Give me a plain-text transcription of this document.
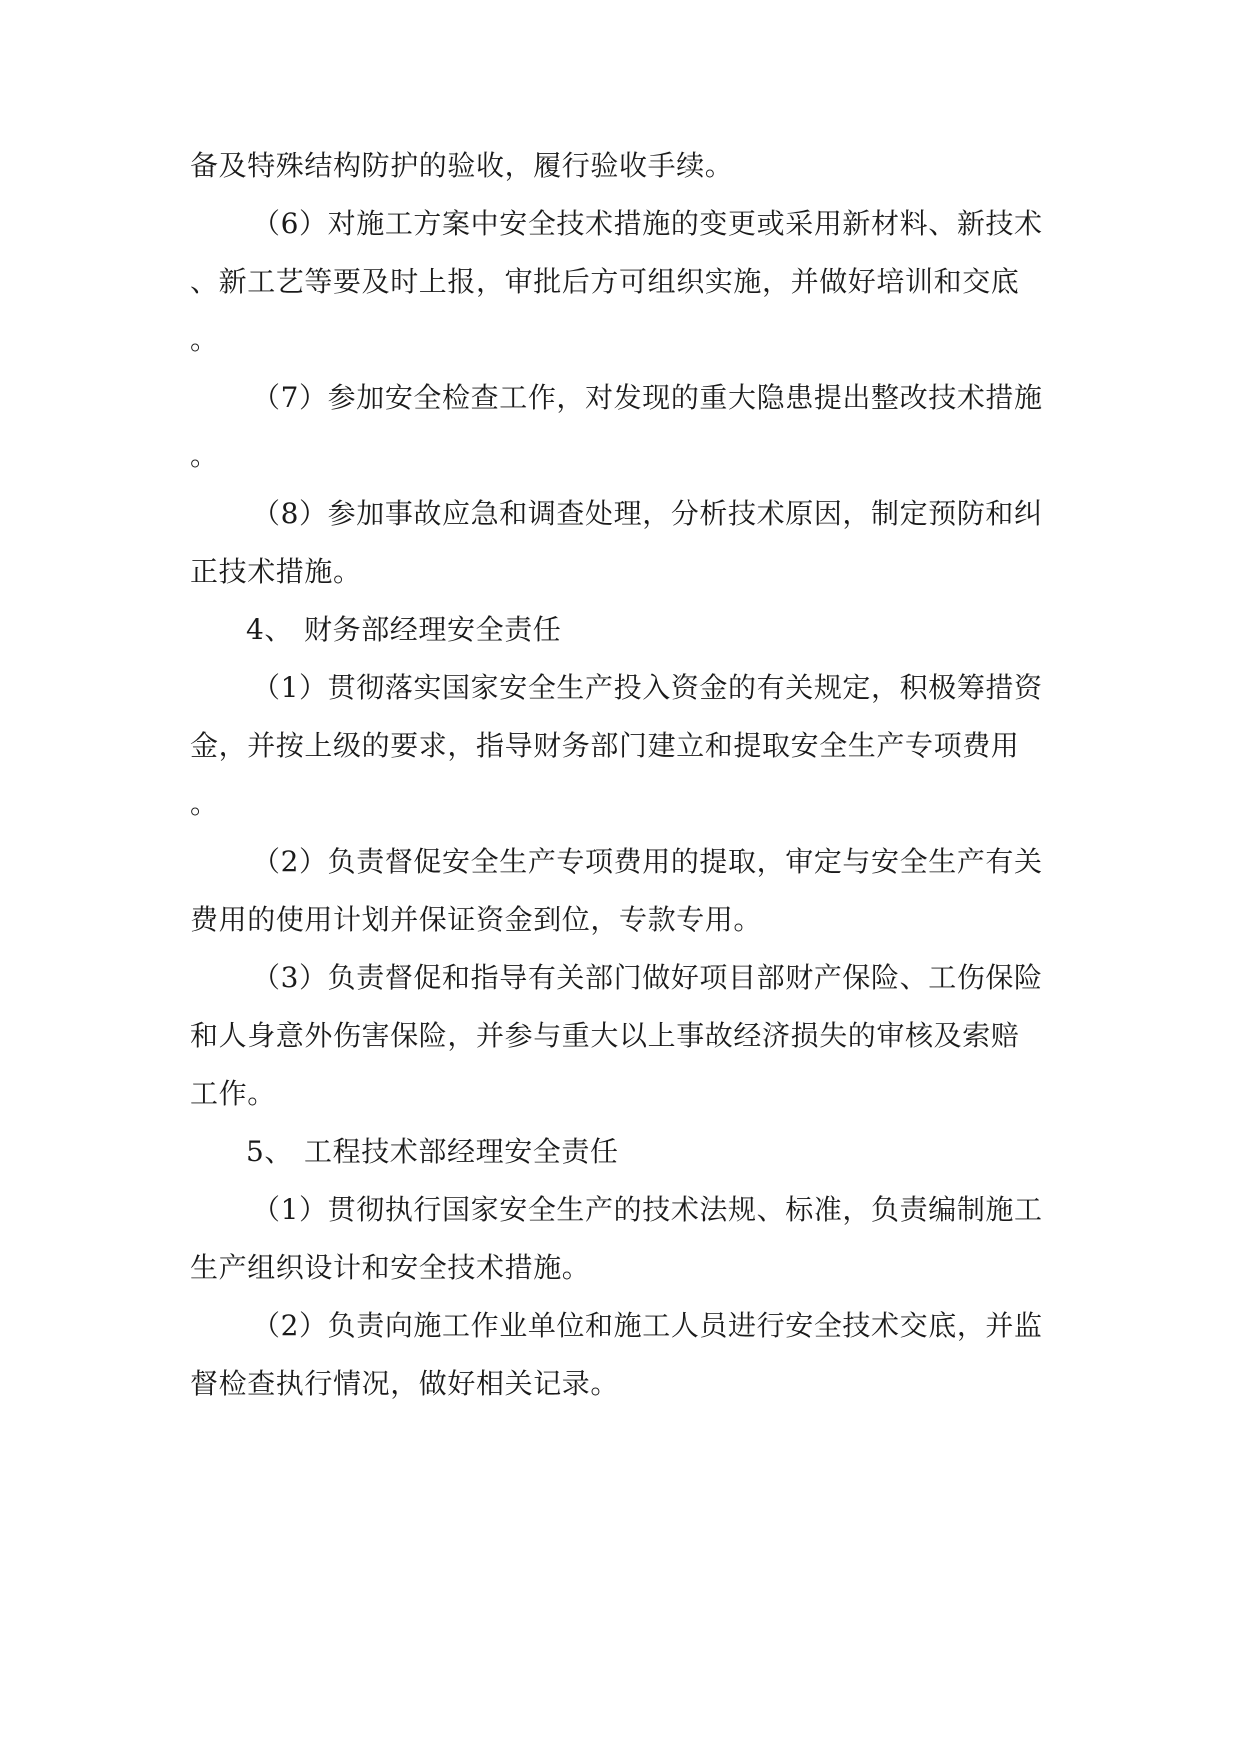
备及特殊结构防护的验收，履行验收手续。
（6）对施工方案中安全技术措施的变更或采用新材料、新技术
、新工艺等要及时上报，审批后方可组织实施，并做好培训和交底
。
（7）参加安全检查工作，对发现的重大隐患提出整改技术措施
。
（8）参加事故应急和调查处理，分析技术原因，制定预防和纠
正技术措施。
4、 财务部经理安全责任
（1）贯彻落实国家安全生产投入资金的有关规定，积极筹措资
金，并按上级的要求，指导财务部门建立和提取安全生产专项费用
。
（2）负责督促安全生产专项费用的提取，审定与安全生产有关
费用的使用计划并保证资金到位，专款专用。
（3）负责督促和指导有关部门做好项目部财产保险、工伤保险
和人身意外伤害保险，并参与重大以上事故经济损失的审核及索赔
工作。
5、 工程技术部经理安全责任
（1）贯彻执行国家安全生产的技术法规、标准，负责编制施工
生产组织设计和安全技术措施。
（2）负责向施工作业单位和施工人员进行安全技术交底，并监
督检查执行情况，做好相关记录。
